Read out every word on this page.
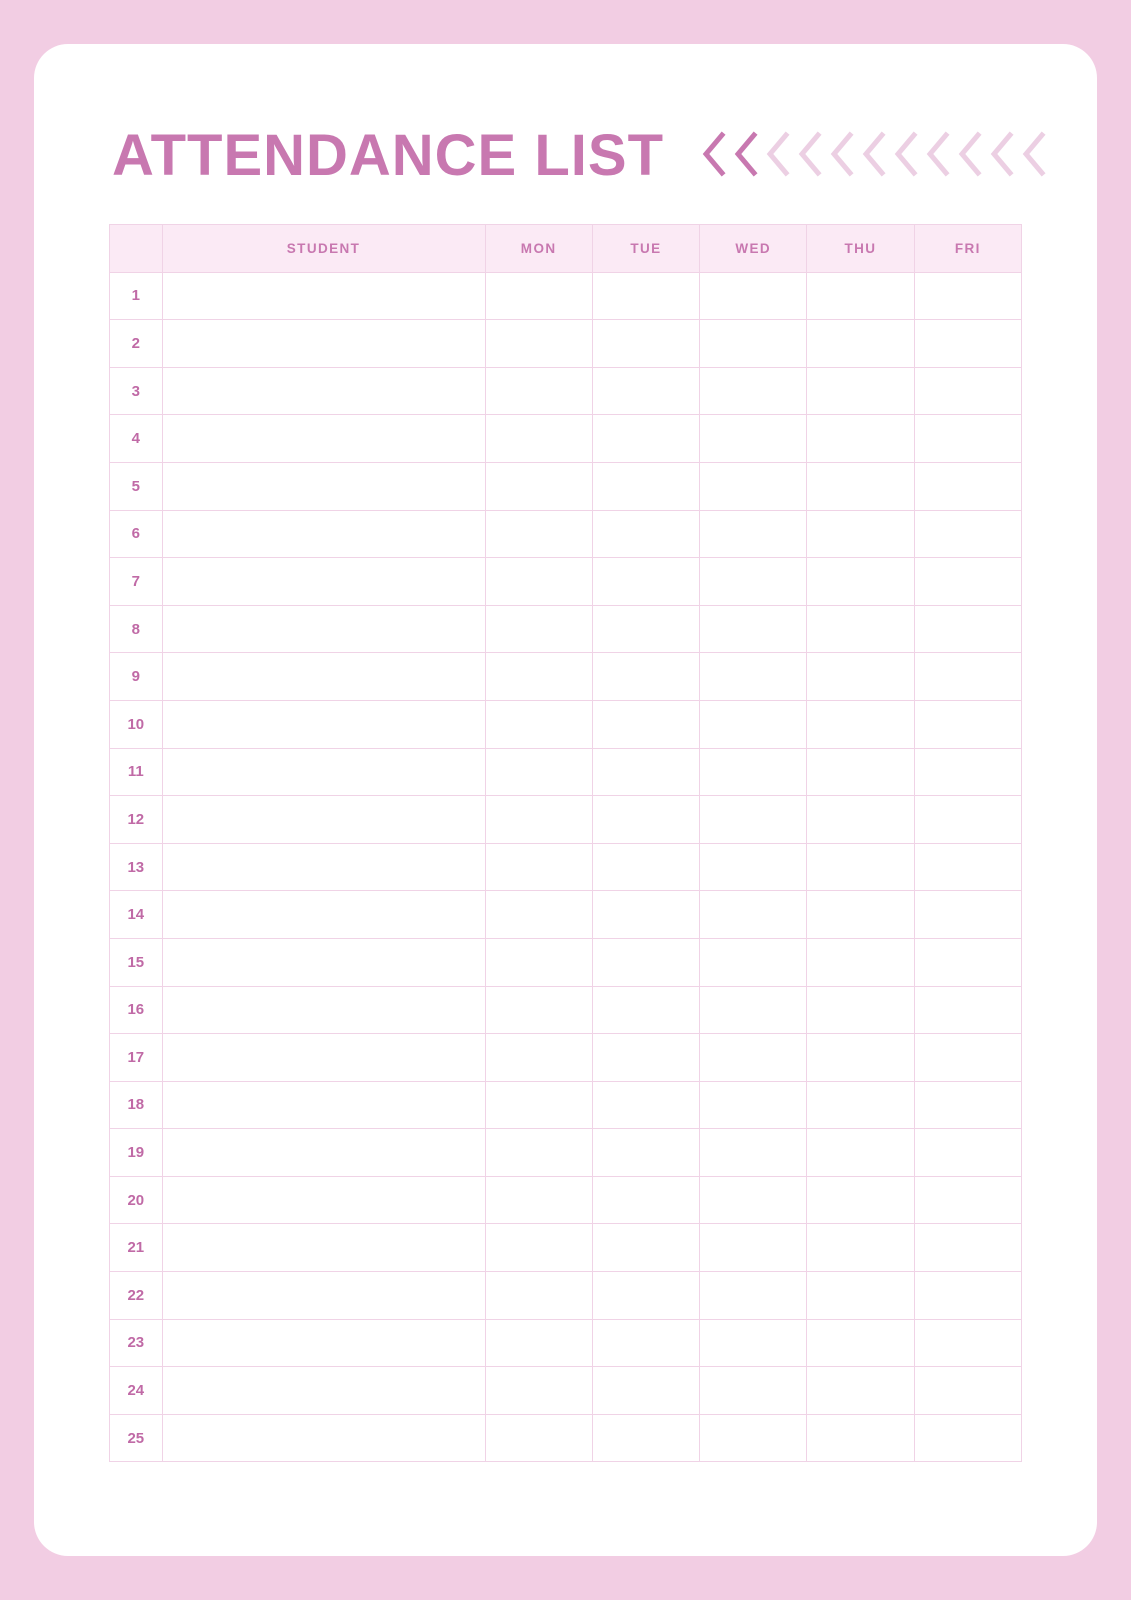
ATTENDANCE LIST
	STUDENT	MON	TUE	WED	THU	FRI
1						
2						
3						
4						
5						
6						
7						
8						
9						
10						
11						
12						
13						
14						
15						
16						
17						
18						
19						
20						
21						
22						
23						
24						
25						
